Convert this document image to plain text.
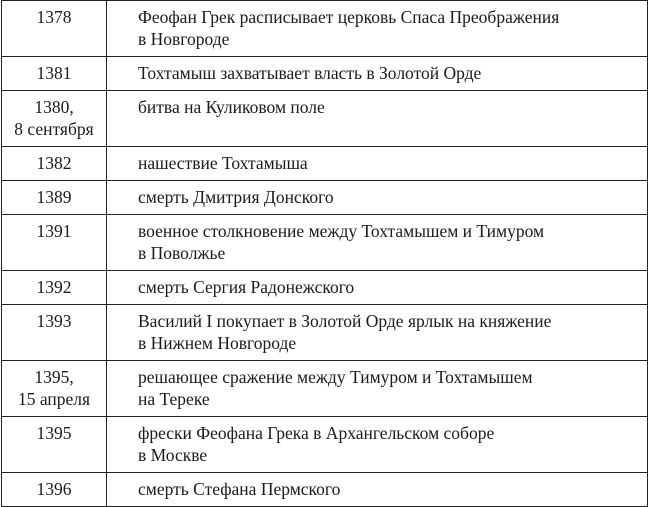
1378	Феофан Грек расписывает церковь Спаса Преображения
в Новгороде

1381	Тохтамыш захватывает власть в Золотой Орде

1380,
8 сентября	битва на Куликовом поле

1382	нашествие Тохтамыша

1389	смерть Дмитрия Донского

1391	военное столкновение между Тохтамышем и Тимуром
в Поволжье

1392	смерть Сергия Радонежского

1393	Василий I покупает в Золотой Орде ярлык на княжение
в Нижнем Новгороде

1395,
15 апреля	решающее сражение между Тимуром и Тохтамышем
на Тереке

1395	фрески Феофана Грека в Архангельском соборе
в Москве

1396	смерть Стефана Пермского
